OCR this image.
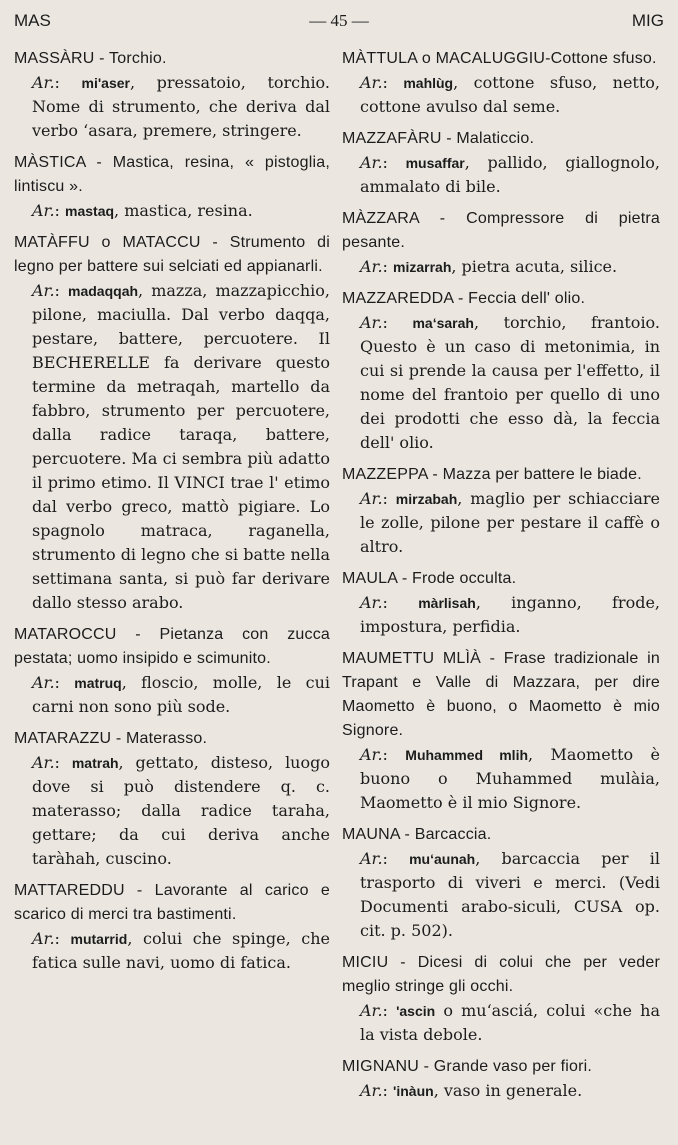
MAS	— 45 —	MIG
MASSÀRU - Torchio.
Ar.: mi'aser, pressatoio, torchio. Nome di strumento, che deriva dal verbo ‘asara, premere, stringere.
MÀSTICA - Mastica, resina, « pistoglia, lintiscu ».
Ar.: mastaq, mastica, resina.
MATÀFFU o MATACCU - Strumento di legno per battere sui selciati ed appianarli.
Ar.: madaqqah, mazza, mazzapicchio, pilone, maciulla. Dal verbo daqqa, pestare, battere, percuotere. Il BECHERELLE fa derivare questo termine da metraqah, martello da fabbro, strumento per percuotere, dalla radice taraqa, battere, percuotere. Ma ci sembra più adatto il primo etimo. Il VINCI trae l' etimo dal verbo greco, mattò pigiare. Lo spagnolo matraca, raganella, strumento di legno che si batte nella settimana santa, si può far derivare dallo stesso arabo.
MATAROCCU - Pietanza con zucca pestata; uomo insipido e scimunito.
Ar.: matruq, floscio, molle, le cui carni non sono più sode.
MATARAZZU - Materasso.
Ar.: matrah, gettato, disteso, luogo dove si può distendere q. c. materasso; dalla radice taraha, gettare; da cui deriva anche taràhah, cuscino.
MATTAREDDU - Lavorante al carico e scarico di merci tra bastimenti.
Ar.: mutarrid, colui che spinge, che fatica sulle navi, uomo di fatica.
MÀTTULA o MACALUGGIU-Cottone sfuso.
Ar.: mahlùg, cottone sfuso, netto, cottone avulso dal seme.
MAZZAFÀRU - Malaticcio.
Ar.: musaffar, pallido, giallognolo, ammalato di bile.
MÀZZARA - Compressore di pietra pesante.
Ar.: mizarrah, pietra acuta, silice.
MAZZAREDDA - Feccia dell' olio.
Ar.: ma‘sarah, torchio, frantoio. Questo è un caso di metonimia, in cui si prende la causa per l'effetto, il nome del frantoio per quello di uno dei prodotti che esso dà, la feccia dell' olio.
MAZZEPPA - Mazza per battere le biade.
Ar.: mirzabah, maglio per schiacciare le zolle, pilone per pestare il caffè o altro.
MAULA - Frode occulta.
Ar.: màrlisah, inganno, frode, impostura, perfidia.
MAUMETTU MLÌÀ - Frase tradizionale in Trapant e Valle di Mazzara, per dire Maometto è buono, o Maometto è mio Signore.
Ar.: Muhammed mlih, Maometto è buono o Muhammed mulàia, Maometto è il mio Signore.
MAUNA - Barcaccia.
Ar.: mu‘aunah, barcaccia per il trasporto di viveri e merci. (Vedi Documenti arabo-siculi, CUSA op. cit. p. 502).
MICIU - Dicesi di colui che per veder meglio stringe gli occhi.
Ar.: 'ascin o mu‘asciá, colui «che ha la vista debole.
MIGNANU - Grande vaso per fiori.
Ar.: 'inàun, vaso in generale.
